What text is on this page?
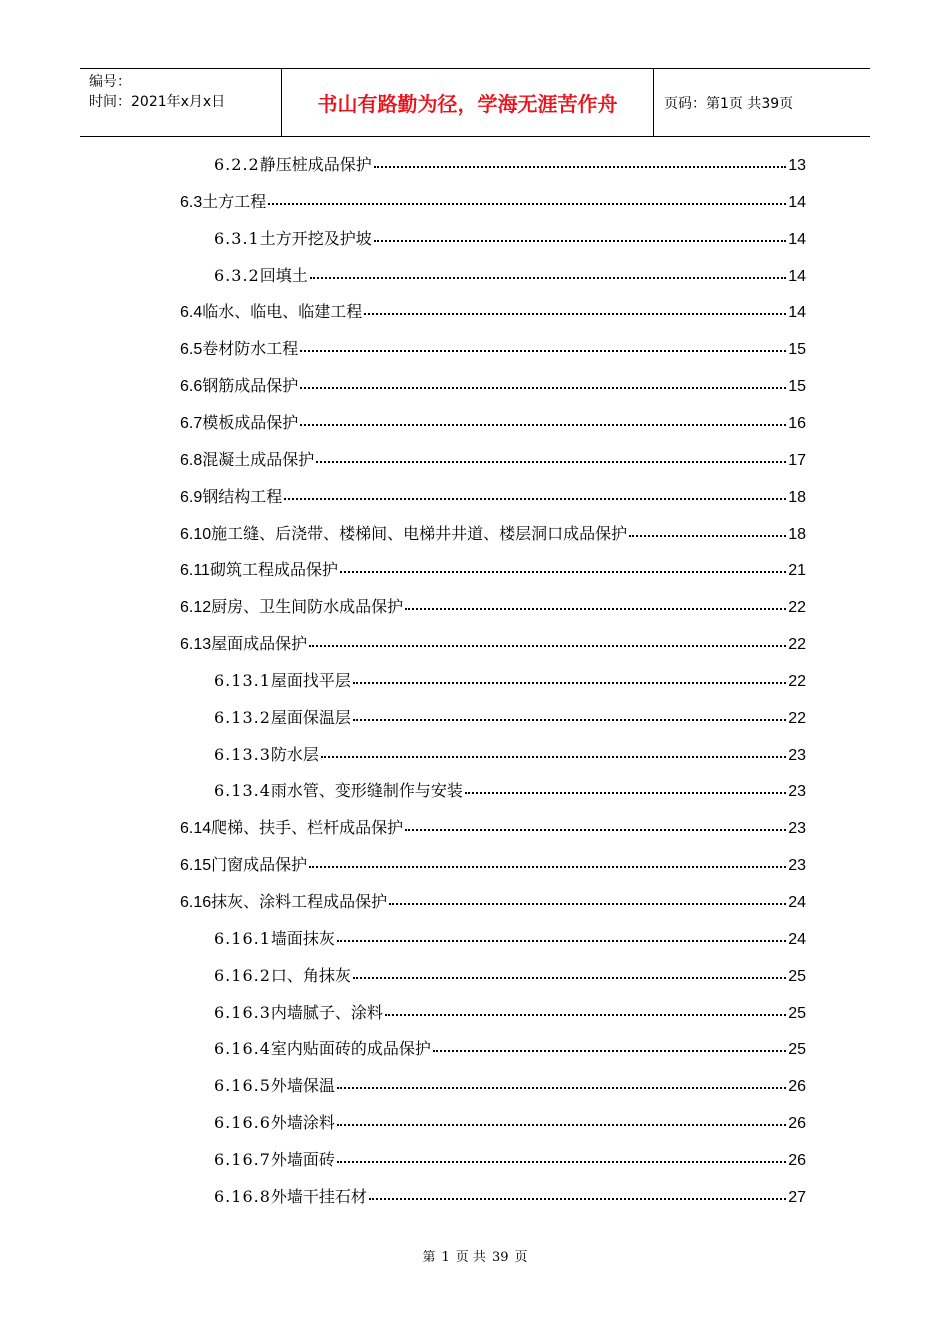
编号：
时间：2021年x月x日	书山有路勤为径，学海无涯苦作舟	页码：第1页 共39页
6.2.2 静压桩成品保护	13
6.3 土方工程	14
6.3.1 土方开挖及护坡	14
6.3.2 回填土	14
6.4 临水、临电、临建工程	14
6.5 卷材防水工程	15
6.6 钢筋成品保护	15
6.7 模板成品保护	16
6.8 混凝土成品保护	17
6.9 钢结构工程	18
6.10 施工缝、后浇带、楼梯间、电梯井井道、楼层洞口成品保护	18
6.11 砌筑工程成品保护	21
6.12 厨房、卫生间防水成品保护	22
6.13 屋面成品保护	22
6.13.1 屋面找平层	22
6.13.2 屋面保温层	22
6.13.3 防水层	23
6.13.4 雨水管、变形缝制作与安装	23
6.14 爬梯、扶手、栏杆成品保护	23
6.15 门窗成品保护	23
6.16 抹灰、涂料工程成品保护	24
6.16.1 墙面抹灰	24
6.16.2 口、角抹灰	25
6.16.3 内墙腻子、涂料	25
6.16.4 室内贴面砖的成品保护	25
6.16.5 外墙保温	26
6.16.6 外墙涂料	26
6.16.7 外墙面砖	26
6.16.8 外墙干挂石材	27
第 1 页 共 39 页
